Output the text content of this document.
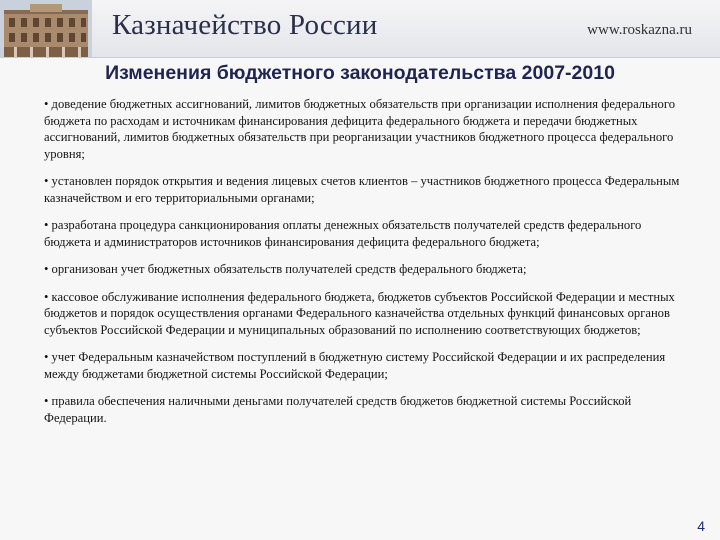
Казначейство России	www.roskazna.ru
Изменения бюджетного законодательства 2007-2010

• доведение бюджетных ассигнований, лимитов бюджетных обязательств при организации исполнения федерального бюджета по расходам и источникам финансирования дефицита федерального бюджета и передачи бюджетных ассигнований, лимитов бюджетных обязательств при реорганизации участников бюджетного процесса федерального уровня;

• установлен порядок открытия и ведения лицевых счетов клиентов – участников бюджетного процесса Федеральным казначейством и его территориальными органами;

• разработана процедура санкционирования оплаты денежных обязательств получателей средств федерального бюджета и администраторов источников финансирования дефицита федерального бюджета;

• организован учет бюджетных обязательств получателей средств федерального бюджета;

• кассовое обслуживание исполнения федерального бюджета, бюджетов субъектов Российской Федерации и местных бюджетов и порядок осуществления органами Федерального казначейства отдельных функций финансовых органов субъектов Российской Федерации и муниципальных образований по исполнению соответствующих бюджетов;

• учет Федеральным казначейством поступлений в бюджетную систему Российской Федерации и их распределения между бюджетами бюджетной системы Российской Федерации;

• правила обеспечения наличными деньгами получателей средств бюджетов бюджетной системы Российской Федерации.

4
